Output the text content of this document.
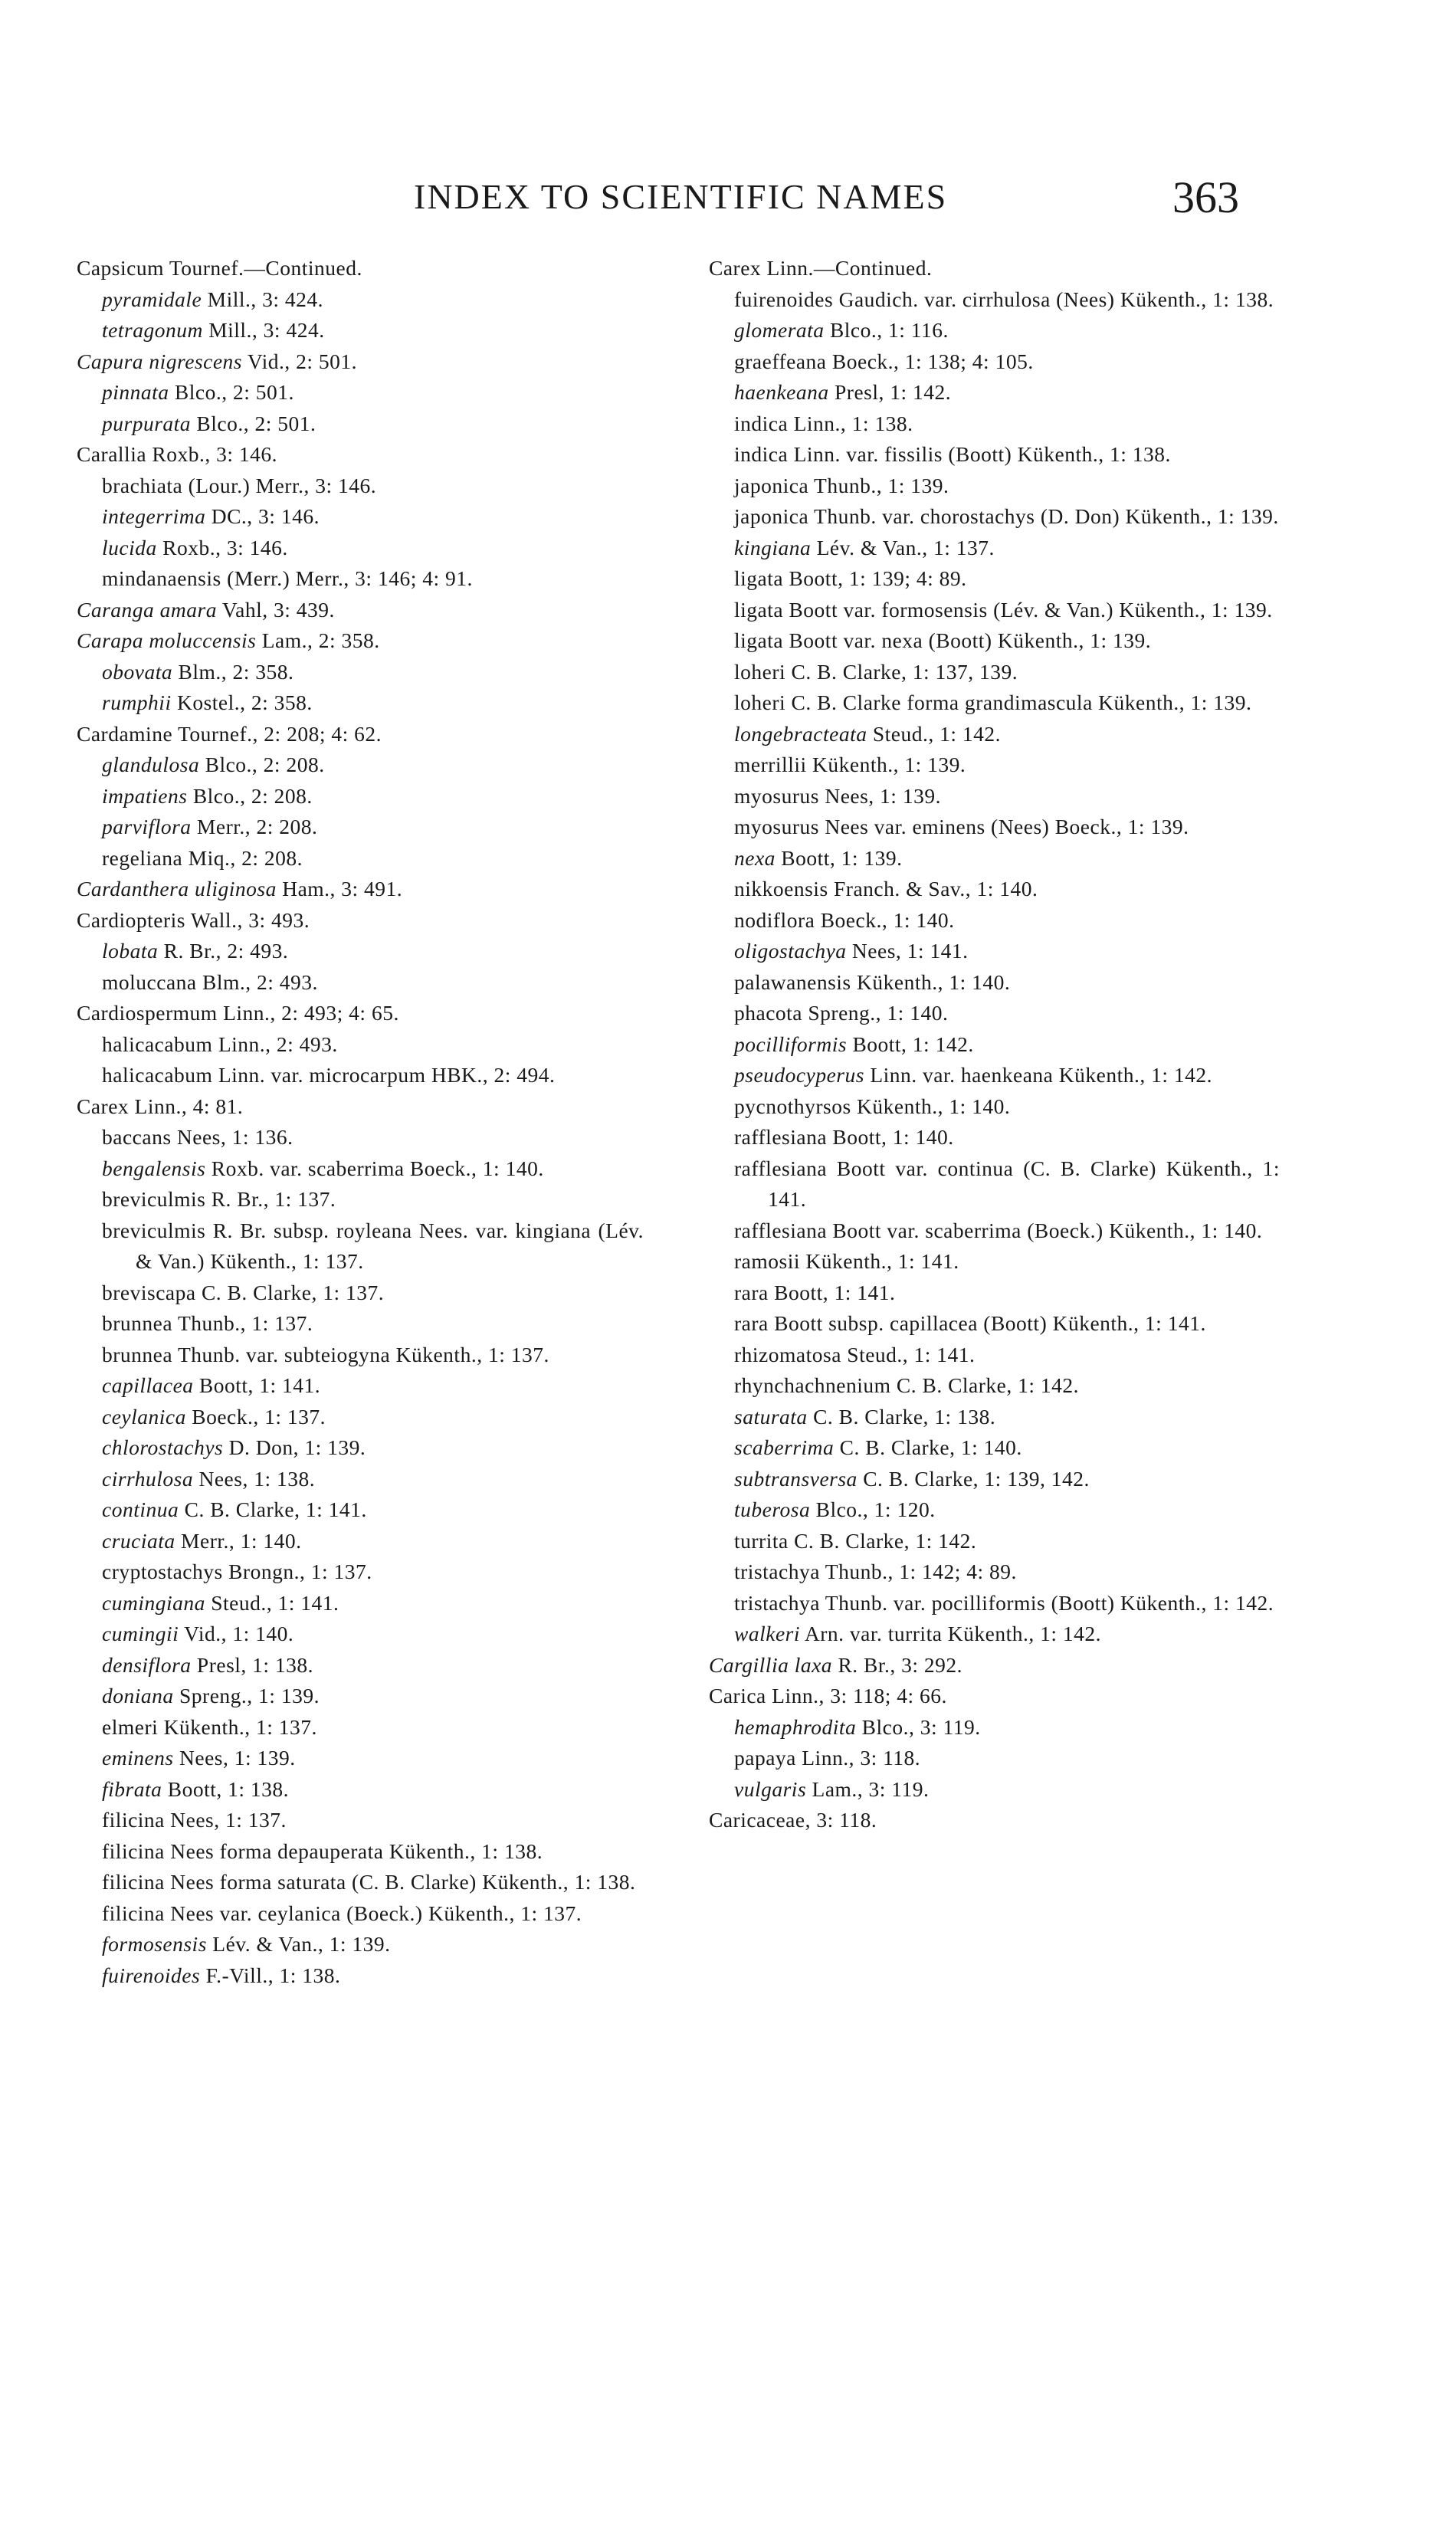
INDEX TO SCIENTIFIC NAMES	363

Capsicum Tournef.—Continued.

pyramidale Mill., 3: 424.

tetragonum Mill., 3: 424.

Capura nigrescens Vid., 2: 501.

pinnata Blco., 2: 501.

purpurata Blco., 2: 501.

Carallia Roxb., 3: 146.

brachiata (Lour.) Merr., 3: 146.

integerrima DC., 3: 146.

lucida Roxb., 3: 146.

mindanaensis (Merr.) Merr., 3: 146; 4: 91.

Caranga amara Vahl, 3: 439.

Carapa moluccensis Lam., 2: 358.

obovata Blm., 2: 358.

rumphii Kostel., 2: 358.

Cardamine Tournef., 2: 208; 4: 62.

glandulosa Blco., 2: 208.

impatiens Blco., 2: 208.

parviflora Merr., 2: 208.

regeliana Miq., 2: 208.

Cardanthera uliginosa Ham., 3: 491.

Cardiopteris Wall., 3: 493.

lobata R. Br., 2: 493.

moluccana Blm., 2: 493.

Cardiospermum Linn., 2: 493; 4: 65.

halicacabum Linn., 2: 493.

halicacabum Linn. var. microcarpum HBK., 2: 494.

Carex Linn., 4: 81.

baccans Nees, 1: 136.

bengalensis Roxb. var. scaberrima Boeck., 1: 140.

breviculmis R. Br., 1: 137.

breviculmis R. Br. subsp. royleana Nees. var. kingiana (Lév. & Van.) Kükenth., 1: 137.

breviscapa C. B. Clarke, 1: 137.

brunnea Thunb., 1: 137.

brunnea Thunb. var. subteiogyna Kükenth., 1: 137.

capillacea Boott, 1: 141.

ceylanica Boeck., 1: 137.

chlorostachys D. Don, 1: 139.

cirrhulosa Nees, 1: 138.

continua C. B. Clarke, 1: 141.

cruciata Merr., 1: 140.

cryptostachys Brongn., 1: 137.

cumingiana Steud., 1: 141.

cumingii Vid., 1: 140.

densiflora Presl, 1: 138.

doniana Spreng., 1: 139.

elmeri Kükenth., 1: 137.

eminens Nees, 1: 139.

fibrata Boott, 1: 138.

filicina Nees, 1: 137.

filicina Nees forma depauperata Kükenth., 1: 138.

filicina Nees forma saturata (C. B. Clarke) Kükenth., 1: 138.

filicina Nees var. ceylanica (Boeck.) Kükenth., 1: 137.

formosensis Lév. & Van., 1: 139.

fuirenoides F.-Vill., 1: 138.

Carex Linn.—Continued.

fuirenoides Gaudich. var. cirrhulosa (Nees) Kükenth., 1: 138.

glomerata Blco., 1: 116.

graeffeana Boeck., 1: 138; 4: 105.

haenkeana Presl, 1: 142.

indica Linn., 1: 138.

indica Linn. var. fissilis (Boott) Kükenth., 1: 138.

japonica Thunb., 1: 139.

japonica Thunb. var. chorostachys (D. Don) Kükenth., 1: 139.

kingiana Lév. & Van., 1: 137.

ligata Boott, 1: 139; 4: 89.

ligata Boott var. formosensis (Lév. & Van.) Kükenth., 1: 139.

ligata Boott var. nexa (Boott) Kükenth., 1: 139.

loheri C. B. Clarke, 1: 137, 139.

loheri C. B. Clarke forma grandimascula Kükenth., 1: 139.

longebracteata Steud., 1: 142.

merrillii Kükenth., 1: 139.

myosurus Nees, 1: 139.

myosurus Nees var. eminens (Nees) Boeck., 1: 139.

nexa Boott, 1: 139.

nikkoensis Franch. & Sav., 1: 140.

nodiflora Boeck., 1: 140.

oligostachya Nees, 1: 141.

palawanensis Kükenth., 1: 140.

phacota Spreng., 1: 140.

pocilliformis Boott, 1: 142.

pseudocyperus Linn. var. haenkeana Kükenth., 1: 142.

pycnothyrsos Kükenth., 1: 140.

rafflesiana Boott, 1: 140.

rafflesiana Boott var. continua (C. B. Clarke) Kükenth., 1: 141.

rafflesiana Boott var. scaberrima (Boeck.) Kükenth., 1: 140.

ramosii Kükenth., 1: 141.

rara Boott, 1: 141.

rara Boott subsp. capillacea (Boott) Kükenth., 1: 141.

rhizomatosa Steud., 1: 141.

rhynchachnenium C. B. Clarke, 1: 142.

saturata C. B. Clarke, 1: 138.

scaberrima C. B. Clarke, 1: 140.

subtransversa C. B. Clarke, 1: 139, 142.

tuberosa Blco., 1: 120.

turrita C. B. Clarke, 1: 142.

tristachya Thunb., 1: 142; 4: 89.

tristachya Thunb. var. pocilliformis (Boott) Kükenth., 1: 142.

walkeri Arn. var. turrita Kükenth., 1: 142.

Cargillia laxa R. Br., 3: 292.

Carica Linn., 3: 118; 4: 66.

hemaphrodita Blco., 3: 119.

papaya Linn., 3: 118.

vulgaris Lam., 3: 119.

Caricaceae, 3: 118.
